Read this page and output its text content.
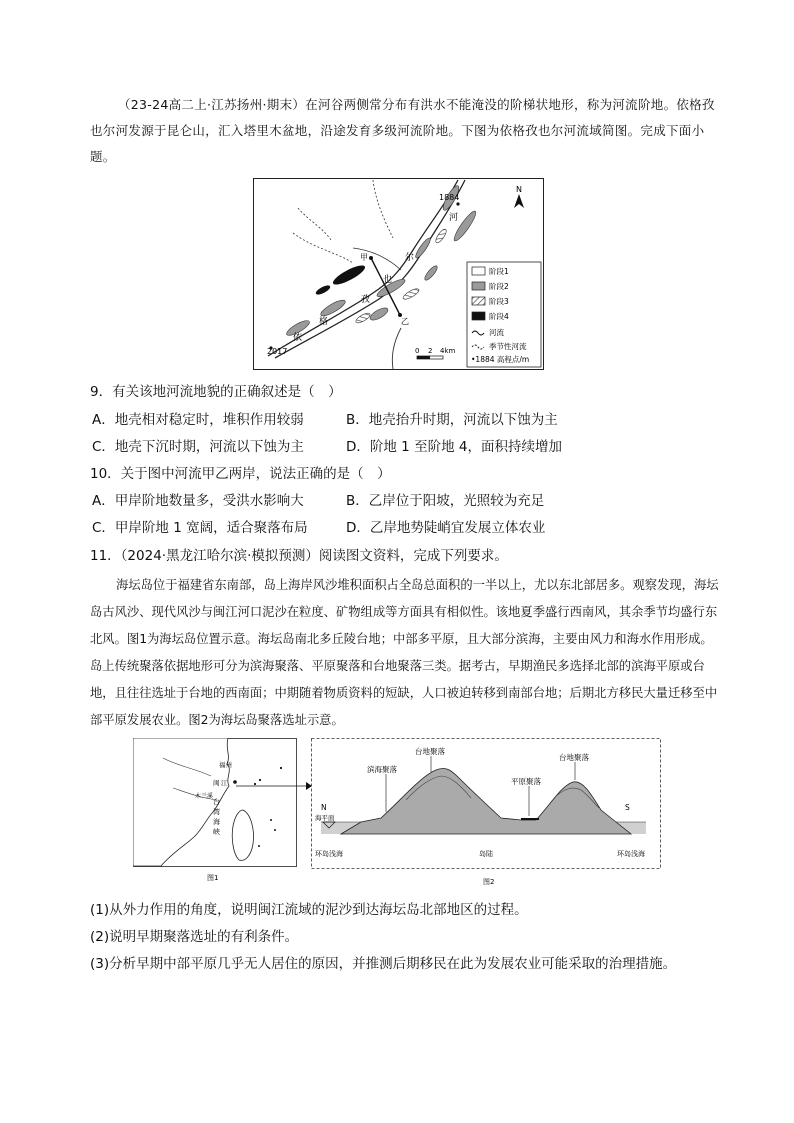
（23-24高二上·江苏扬州·期末）在河谷两侧常分布有洪水不能淹没的阶梯状地形，称为河流阶地。依格孜也尔河发源于昆仑山，汇入塔里木盆地，沿途发育多级河流阶地。下图为依格孜也尔河流域简图。完成下面小题。
甲
乙
1884
2017
依
格
孜
也
尔
河
N
阶段1
阶段2
阶段3
阶段4
河流
季节性河流
•1884 高程点/m
0 2 4km
9．有关该地河流地貌的正确叙述是（　）
A．地壳相对稳定时，堆积作用较弱	B．地壳抬升时期，河流以下蚀为主
C．地壳下沉时期，河流以下蚀为主	D．阶地 1 至阶地 4，面积持续增加
10．关于图中河流甲乙两岸，说法正确的是（　）
A．甲岸阶地数量多，受洪水影响大	B．乙岸位于阳坡，光照较为充足
C．甲岸阶地 1 宽阔，适合聚落布局	D．乙岸地势陡峭宜发展立体农业
11．（2024·黑龙江哈尔滨·模拟预测）阅读图文资料，完成下列要求。
海坛岛位于福建省东南部，岛上海岸风沙堆积面积占全岛总面积的一半以上，尤以东北部居多。观察发现，海坛岛古风沙、现代风沙与闽江河口泥沙在粒度、矿物组成等方面具有相似性。该地夏季盛行西南风，其余季节均盛行东北风。图1为海坛岛位置示意。海坛岛南北多丘陵台地；中部多平原，且大部分滨海，主要由风力和海水作用形成。岛上传统聚落依据地形可分为滨海聚落、平原聚落和台地聚落三类。据考古，早期渔民多选择北部的滨海平原或台地，且往往选址于台地的西南面；中期随着物质资料的短缺，人口被迫转移到南部台地；后期北方移民大量迁移至中部平原发展农业。图2为海坛岛聚落选址示意。
福州
闽 江
木兰溪
台
湾
海
峡
图1
台地聚落
滨海聚落
平原聚落
台地聚落
N
海平面
S
环岛浅海	岛陆	环岛浅海
图2
(1)从外力作用的角度，说明闽江流域的泥沙到达海坛岛北部地区的过程。
(2)说明早期聚落选址的有利条件。
(3)分析早期中部平原几乎无人居住的原因，并推测后期移民在此为发展农业可能采取的治理措施。
